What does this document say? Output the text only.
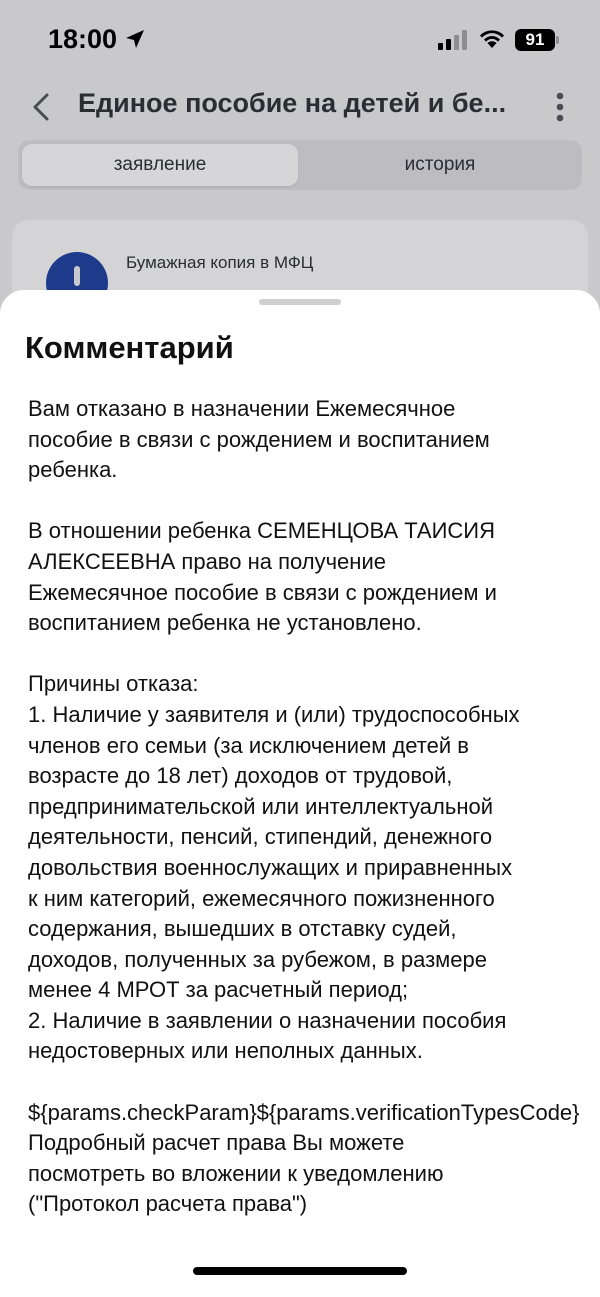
18:00	91
Единое пособие на детей и бе...
заявление	история
Бумажная копия в МФЦ
Комментарий
Вам отказано в назначении Ежемесячное
пособие в связи с рождением и воспитанием
ребенка.

В отношении ребенка СЕМЕНЦОВА ТАИСИЯ
АЛЕКСЕЕВНА право на получение
Ежемесячное пособие в связи с рождением и
воспитанием ребенка не установлено.

Причины отказа:
1. Наличие у заявителя и (или) трудоспособных
членов его семьи (за исключением детей в
возрасте до 18 лет) доходов от трудовой,
предпринимательской или интеллектуальной
деятельности, пенсий, стипендий, денежного
довольствия военнослужащих и приравненных
к ним категорий, ежемесячного пожизненного
содержания, вышедших в отставку судей,
доходов, полученных за рубежом, в размере
менее 4 МРОТ за расчетный период;
2. Наличие в заявлении о назначении пособия
недостоверных или неполных данных.

${params.checkParam}${params.verificationTypesCode}
Подробный расчет права Вы можете
посмотреть во вложении к уведомлению
("Протокол расчета права")
